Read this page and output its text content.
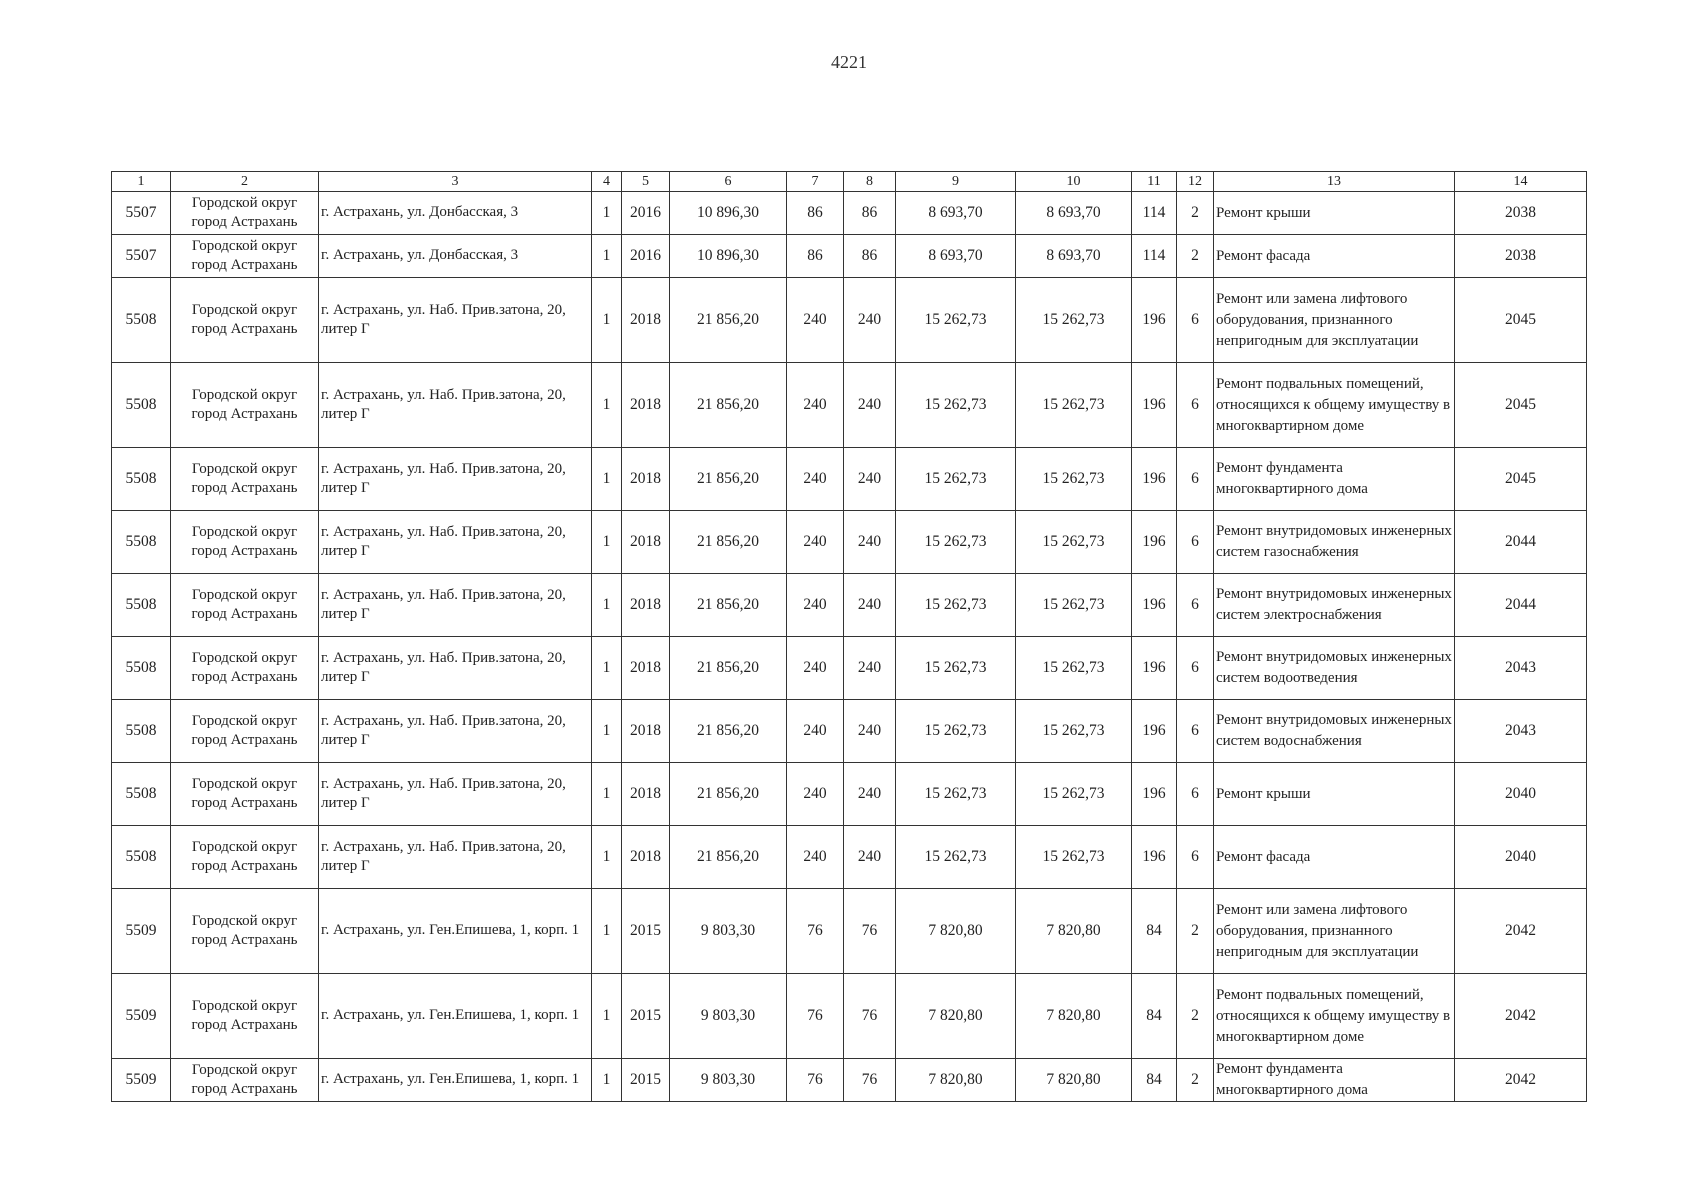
4221
1	2	3	4	5	6	7	8	9	10	11	12	13	14
5507	Городской округ город Астрахань	г. Астрахань, ул. Донбасская, 3	1	2016	10 896,30	86	86	8 693,70	8 693,70	114	2	Ремонт крыши	2038
5507	Городской округ город Астрахань	г. Астрахань, ул. Донбасская, 3	1	2016	10 896,30	86	86	8 693,70	8 693,70	114	2	Ремонт фасада	2038
5508	Городской округ город Астрахань	г. Астрахань, ул. Наб. Прив.затона, 20, литер Г	1	2018	21 856,20	240	240	15 262,73	15 262,73	196	6	Ремонт или замена лифтового оборудования, признанного непригодным для эксплуатации	2045
5508	Городской округ город Астрахань	г. Астрахань, ул. Наб. Прив.затона, 20, литер Г	1	2018	21 856,20	240	240	15 262,73	15 262,73	196	6	Ремонт подвальных помещений, относящихся к общему имуществу в многоквартирном доме	2045
5508	Городской округ город Астрахань	г. Астрахань, ул. Наб. Прив.затона, 20, литер Г	1	2018	21 856,20	240	240	15 262,73	15 262,73	196	6	Ремонт фундамента многоквартирного дома	2045
5508	Городской округ город Астрахань	г. Астрахань, ул. Наб. Прив.затона, 20, литер Г	1	2018	21 856,20	240	240	15 262,73	15 262,73	196	6	Ремонт внутридомовых инженерных систем газоснабжения	2044
5508	Городской округ город Астрахань	г. Астрахань, ул. Наб. Прив.затона, 20, литер Г	1	2018	21 856,20	240	240	15 262,73	15 262,73	196	6	Ремонт внутридомовых инженерных систем электроснабжения	2044
5508	Городской округ город Астрахань	г. Астрахань, ул. Наб. Прив.затона, 20, литер Г	1	2018	21 856,20	240	240	15 262,73	15 262,73	196	6	Ремонт внутридомовых инженерных систем водоотведения	2043
5508	Городской округ город Астрахань	г. Астрахань, ул. Наб. Прив.затона, 20, литер Г	1	2018	21 856,20	240	240	15 262,73	15 262,73	196	6	Ремонт внутридомовых инженерных систем водоснабжения	2043
5508	Городской округ город Астрахань	г. Астрахань, ул. Наб. Прив.затона, 20, литер Г	1	2018	21 856,20	240	240	15 262,73	15 262,73	196	6	Ремонт крыши	2040
5508	Городской округ город Астрахань	г. Астрахань, ул. Наб. Прив.затона, 20, литер Г	1	2018	21 856,20	240	240	15 262,73	15 262,73	196	6	Ремонт фасада	2040
5509	Городской округ город Астрахань	г. Астрахань, ул. Ген.Епишева, 1, корп. 1	1	2015	9 803,30	76	76	7 820,80	7 820,80	84	2	Ремонт или замена лифтового оборудования, признанного непригодным для эксплуатации	2042
5509	Городской округ город Астрахань	г. Астрахань, ул. Ген.Епишева, 1, корп. 1	1	2015	9 803,30	76	76	7 820,80	7 820,80	84	2	Ремонт подвальных помещений, относящихся к общему имуществу в многоквартирном доме	2042
5509	Городской округ город Астрахань	г. Астрахань, ул. Ген.Епишева, 1, корп. 1	1	2015	9 803,30	76	76	7 820,80	7 820,80	84	2	Ремонт фундамента многоквартирного дома	2042
